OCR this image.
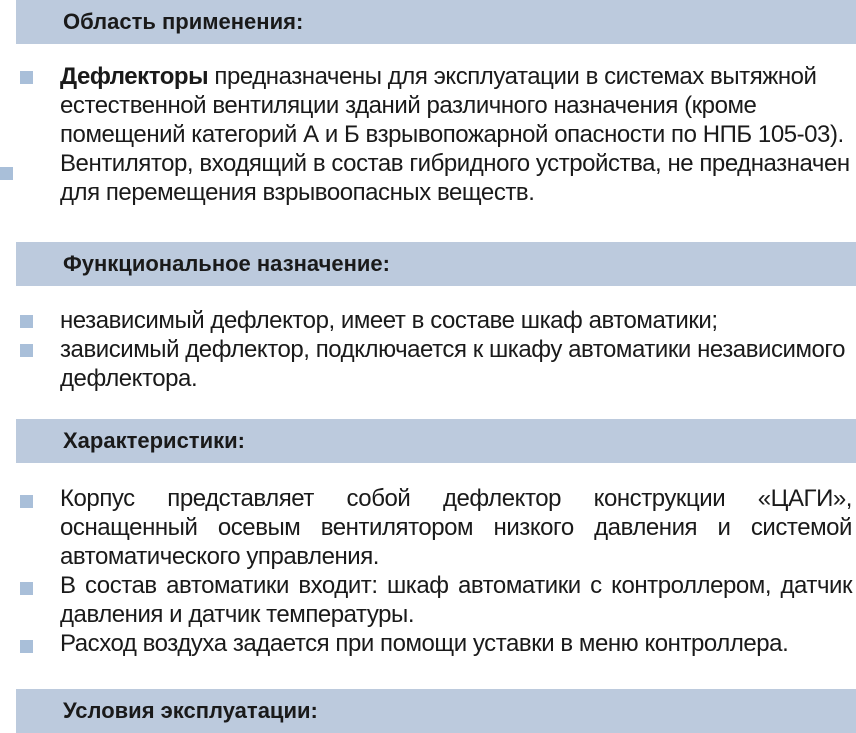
Область применения:
Дефлекторы предназначены для эксплуатации в системах вытяжной естественной вентиляции зданий различного назначения (кроме помещений категорий А и Б взрывопожарной опасности по НПБ 105-03). Вентилятор, входящий в состав гибридного устройства, не предназначен для перемещения взрывоопасных веществ.
Функциональное назначение:
независимый дефлектор, имеет в составе шкаф автоматики;
зависимый дефлектор, подключается к шкафу автоматики независимого дефлектора.
Характеристики:
Корпус представляет собой дефлектор конструкции «ЦАГИ», оснащенный осевым вентилятором низкого давления и системой автоматического управления.
В состав автоматики входит: шкаф автоматики с контроллером, датчик давления и датчик температуры.
Расход воздуха задается при помощи уставки в меню контроллера.
Условия эксплуатации:
